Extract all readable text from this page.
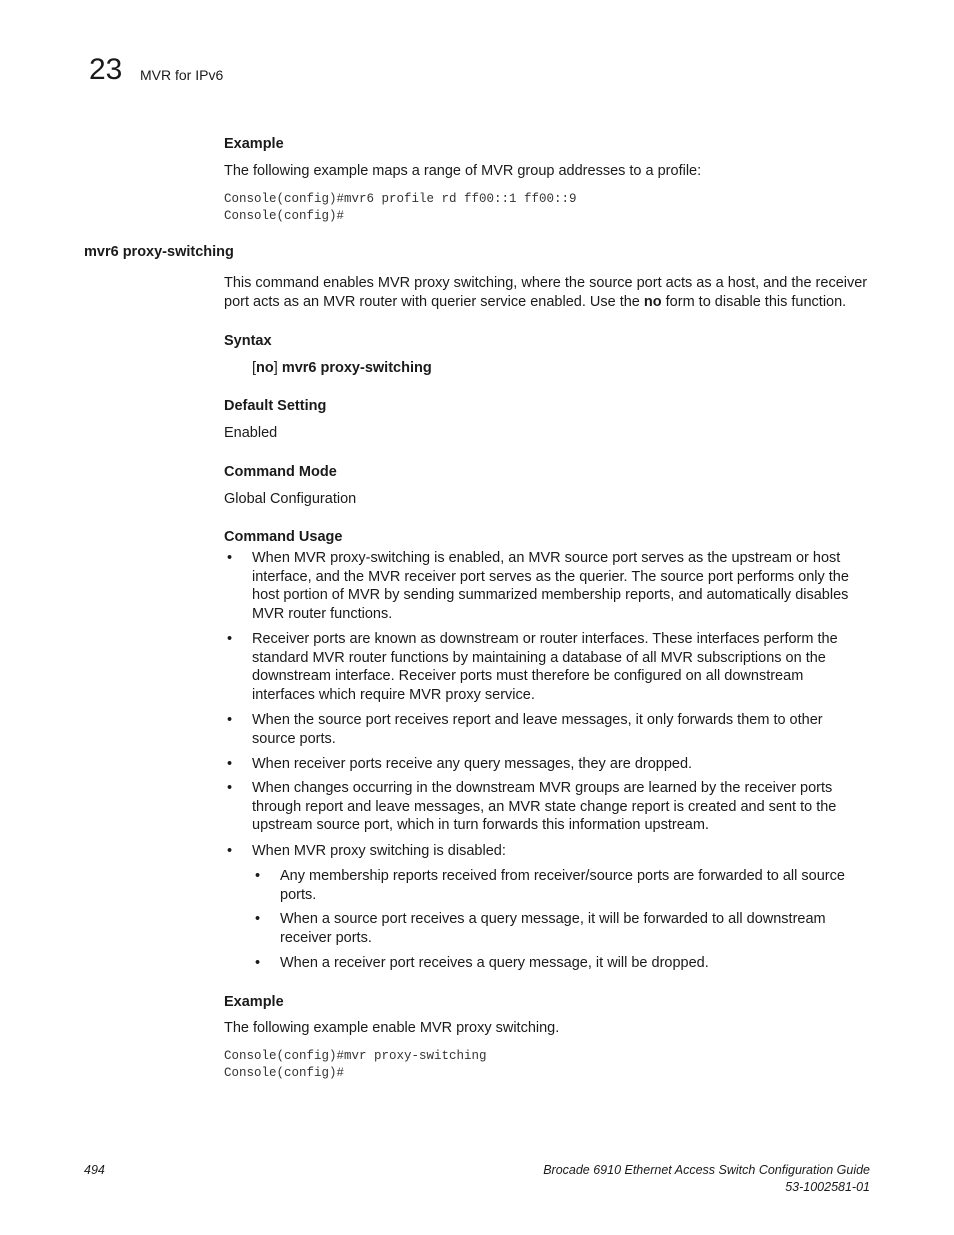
23 MVR for IPv6
Example
The following example maps a range of MVR group addresses to a profile:
Console(config)#mvr6 profile rd ff00::1 ff00::9
Console(config)#
mvr6 proxy-switching
This command enables MVR proxy switching, where the source port acts as a host, and the receiver port acts as an MVR router with querier service enabled. Use the no form to disable this function.
Syntax
[no] mvr6 proxy-switching
Default Setting
Enabled
Command Mode
Global Configuration
Command Usage
• When MVR proxy-switching is enabled, an MVR source port serves as the upstream or host interface, and the MVR receiver port serves as the querier. The source port performs only the host portion of MVR by sending summarized membership reports, and automatically disables MVR router functions.
• Receiver ports are known as downstream or router interfaces. These interfaces perform the standard MVR router functions by maintaining a database of all MVR subscriptions on the downstream interface. Receiver ports must therefore be configured on all downstream interfaces which require MVR proxy service.
• When the source port receives report and leave messages, it only forwards them to other source ports.
• When receiver ports receive any query messages, they are dropped.
• When changes occurring in the downstream MVR groups are learned by the receiver ports through report and leave messages, an MVR state change report is created and sent to the upstream source port, which in turn forwards this information upstream.
• When MVR proxy switching is disabled:
• Any membership reports received from receiver/source ports are forwarded to all source ports.
• When a source port receives a query message, it will be forwarded to all downstream receiver ports.
• When a receiver port receives a query message, it will be dropped.
Example
The following example enable MVR proxy switching.
Console(config)#mvr proxy-switching
Console(config)#
494	Brocade 6910 Ethernet Access Switch Configuration Guide
53-1002581-01
